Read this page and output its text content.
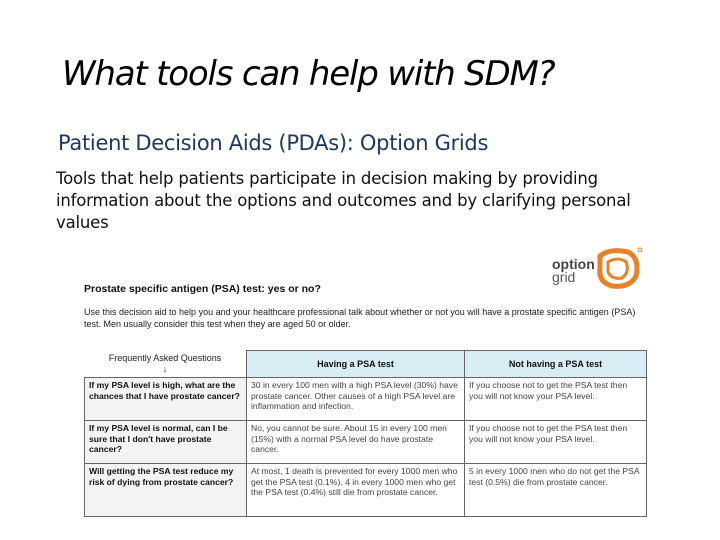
What tools can help with SDM?
Patient Decision Aids (PDAs): Option Grids

Tools that help patients participate in decision making by providing information about the options and outcomes and by clarifying personal values

option
grid

Prostate specific antigen (PSA) test: yes or no?

Use this decision aid to help you and your healthcare professional talk about whether or not you will have a prostate specific antigen (PSA) test. Men usually consider this test when they are aged 50 or older.

Frequently Asked Questions
↓
	Having a PSA test	Not having a PSA test
If my PSA level is high, what are the chances that I have prostate cancer?	30 in every 100 men with a high PSA level (30%) have prostate cancer. Other causes of a high PSA level are inflammation and infection.	If you choose not to get the PSA test then you will not know your PSA level.
If my PSA level is normal, can I be sure that I don't have prostate cancer?	No, you cannot be sure. About 15 in every 100 men (15%) with a normal PSA level do have prostate cancer.	If you choose not to get the PSA test then you will not know your PSA level.
Will getting the PSA test reduce my risk of dying from prostate cancer?	At most, 1 death is prevented for every 1000 men who get the PSA test (0.1%). 4 in every 1000 men who get the PSA test (0.4%) still die from prostate cancer.	5 in every 1000 men who do not get the PSA test (0.5%) die from prostate cancer.
